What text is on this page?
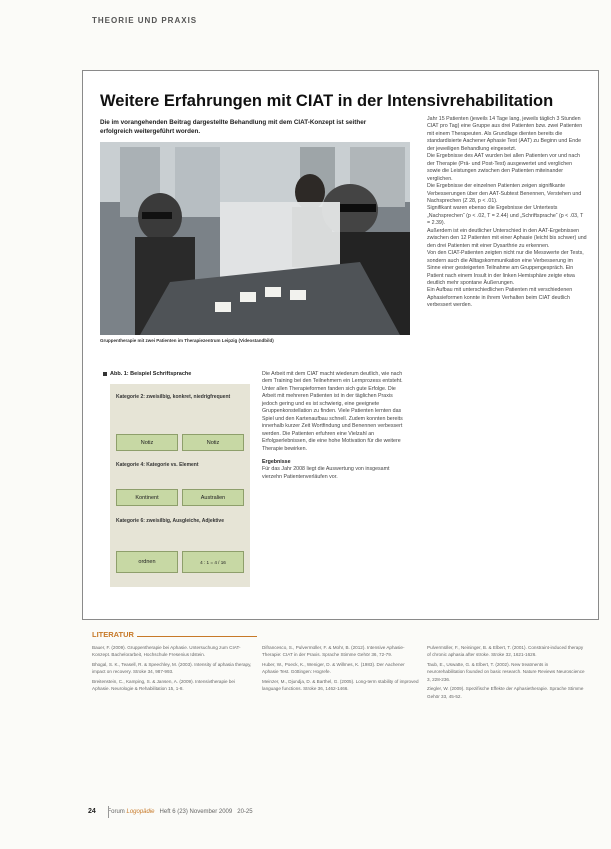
THEORIE UND PRAXIS
Weitere Erfahrungen mit CIAT in der Intensivrehabilitation
Die im vorangehenden Beitrag dargestellte Behandlung mit dem CIAT-Konzept ist seither erfolgreich weitergeführt worden.
Gruppentherapie mit zwei Patienten im Therapiezentrum Leipzig (Videostandbild)

Jahr 15 Patienten (jeweils 14 Tage lang, jeweils täglich 3 Stunden CIAT pro Tag) eine Gruppe aus drei Patienten bzw. zwei Patienten mit einem Therapeuten. Als Grundlage dienten bereits die standardisierte Aachener Aphasie Test (AAT) zu Beginn und Ende der jeweiligen Behandlung eingesetzt.

Die Ergebnisse des AAT wurden bei allen Patienten vor und nach der Therapie (Prä- und Post-Test) ausgewertet und verglichen sowie die Leistungen zwischen den Patienten miteinander verglichen.

Die Ergebnisse der einzelnen Patienten zeigen signifikante Verbesserungen über den AAT-Subtest Benennen, Verstehen und Nachsprechen (Z 28, p < .01).

Signifikant waren ebenso die Ergebnisse der Untertests „Nachsprechen“ (p < .02, T = 2.44) und „Schriftsprache“ (p < .03, T = 2.39).

Außerdem ist ein deutlicher Unterschied in den AAT-Ergebnissen zwischen den 12 Patienten mit einer Aphasie (leicht bis schwer) und den drei Patienten mit einer Dysarthrie zu erkennen.

Von den CIAT-Patienten zeigten nicht nur die Messwerte der Tests, sondern auch die Alltagskommunikation eine Verbesserung im Sinne einer gesteigerten Teilnahme am Gruppengespräch. Ein Patient nach einem Insult in der linken Hemisphäre zeigte etwa deutlich mehr spontane Äußerungen.

Ein Aufbau mit unterschiedlichen Patienten mit verschiedenen Aphasieformen konnte in ihrem Verhalten beim CIAT deutlich verbessert werden.

Abb. 1: Beispiel Schriftsprache
Kategorie 2: zweisilbig, konkret, niedrigfrequent
Notiz	Notiz
Kategorie 4: Kategorie vs. Element
Kontinent	Australien
Kategorie 6: zweisilbig, Ausgleiche, Adjektive
ordnen	4 : 1 = 4 / 16

Die Arbeit mit dem CIAT macht wiederum deutlich, wie nach dem Training bei den Teilnehmern ein Lernprozess entsteht. Unter allen Therapieformen fanden sich gute Erfolge. Die Arbeit mit mehreren Patienten ist in der täglichen Praxis jedoch gering und es ist schwierig, eine geeignete Gruppenkonstellation zu finden. Viele Patienten lernten das Spiel und den Kartenaufbau schnell. Zudem konnten bereits innerhalb kurzer Zeit Wortfindung und Benennen verbessert werden. Die Patienten erfuhren eine Vielzahl an Erfolgserlebnissen, die eine hohe Motivation für die weitere Therapie bewirken.

Ergebnisse

Für das Jahr 2008 liegt die Auswertung von insgesamt vierzehn Patientenverläufen vor.

LITERATUR

Bauer, F. (2009). Gruppentherapie bei Aphasie. Untersuchung zum CIAT-Konzept. Bachelorarbeit, Hochschule Fresenius Idstein.

Bhogal, S. K., Teasell, R. & Speechley, M. (2003). Intensity of aphasia therapy, impact on recovery. Stroke 34, 987-993.

Breitenstein, C., Kamping, S. & Jansen, A. (2009). Intensivtherapie bei Aphasie. Neurologie & Rehabilitation 15, 1-8.

Difrancesco, S., Pulvermüller, F. & Mohr, B. (2012). Intensive Aphasie-Therapie: CIAT in der Praxis. Sprache Stimme Gehör 36, 72-79.

Huber, W., Poeck, K., Weniger, D. & Willmes, K. (1983). Der Aachener Aphasie Test. Göttingen: Hogrefe.

Meinzer, M., Djundja, D. & Barthel, G. (2005). Long-term stability of improved language functions. Stroke 36, 1462-1466.

Pulvermüller, F., Neininger, B. & Elbert, T. (2001). Constraint-induced therapy of chronic aphasia after stroke. Stroke 32, 1621-1626.

Taub, E., Uswatte, G. & Elbert, T. (2002). New treatments in neurorehabilitation founded on basic research. Nature Reviews Neuroscience 3, 228-236.

Ziegler, W. (2009). Spezifische Effekte der Aphasietherapie. Sprache Stimme Gehör 33, 45-52.

24 Forum Logopädie Heft 6 (23) November 2009 20-25
